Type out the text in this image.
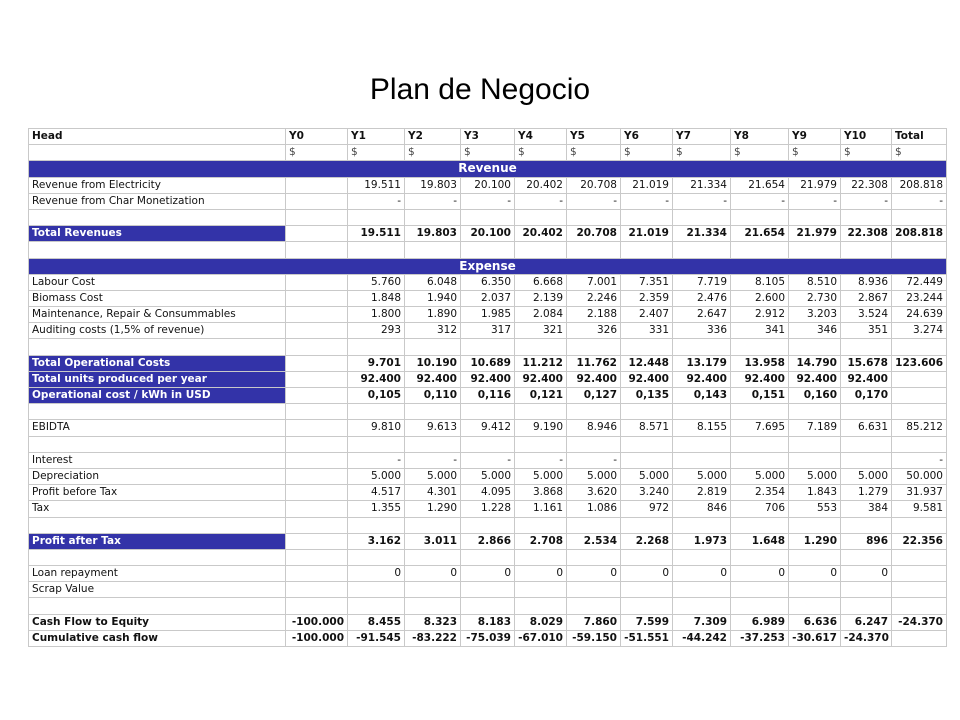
Plan de Negocio
Head	Y0	Y1	Y2	Y3	Y4	Y5	Y6	Y7	Y8	Y9	Y10	Total
	$	$	$	$	$	$	$	$	$	$	$	$
Revenue												
Revenue from Electricity		19.511	19.803	20.100	20.402	20.708	21.019	21.334	21.654	21.979	22.308	208.818
Revenue from Char Monetization		-	-	-	-	-	-	-	-	-	-	-

Total Revenues		19.511	19.803	20.100	20.402	20.708	21.019	21.334	21.654	21.979	22.308	208.818

Expense												
Labour Cost		5.760	6.048	6.350	6.668	7.001	7.351	7.719	8.105	8.510	8.936	72.449
Biomass Cost		1.848	1.940	2.037	2.139	2.246	2.359	2.476	2.600	2.730	2.867	23.244
Maintenance, Repair & Consummables		1.800	1.890	1.985	2.084	2.188	2.407	2.647	2.912	3.203	3.524	24.639
Auditing costs (1,5% of revenue)		293	312	317	321	326	331	336	341	346	351	3.274

Total Operational Costs		9.701	10.190	10.689	11.212	11.762	12.448	13.179	13.958	14.790	15.678	123.606
Total units produced per year		92.400	92.400	92.400	92.400	92.400	92.400	92.400	92.400	92.400	92.400	
Operational cost / kWh in USD		0,105	0,110	0,116	0,121	0,127	0,135	0,143	0,151	0,160	0,170	

EBIDTA		9.810	9.613	9.412	9.190	8.946	8.571	8.155	7.695	7.189	6.631	85.212

Interest		-	-	-	-	-						-
Depreciation		5.000	5.000	5.000	5.000	5.000	5.000	5.000	5.000	5.000	5.000	50.000
Profit before Tax		4.517	4.301	4.095	3.868	3.620	3.240	2.819	2.354	1.843	1.279	31.937
Tax		1.355	1.290	1.228	1.161	1.086	972	846	706	553	384	9.581

Profit after Tax		3.162	3.011	2.866	2.708	2.534	2.268	1.973	1.648	1.290	896	22.356

Loan repayment		0	0	0	0	0	0	0	0	0	0	
Scrap Value												

Cash Flow to Equity	-100.000	8.455	8.323	8.183	8.029	7.860	7.599	7.309	6.989	6.636	6.247	-24.370
Cumulative cash flow	-100.000	-91.545	-83.222	-75.039	-67.010	-59.150	-51.551	-44.242	-37.253	-30.617	-24.370	
